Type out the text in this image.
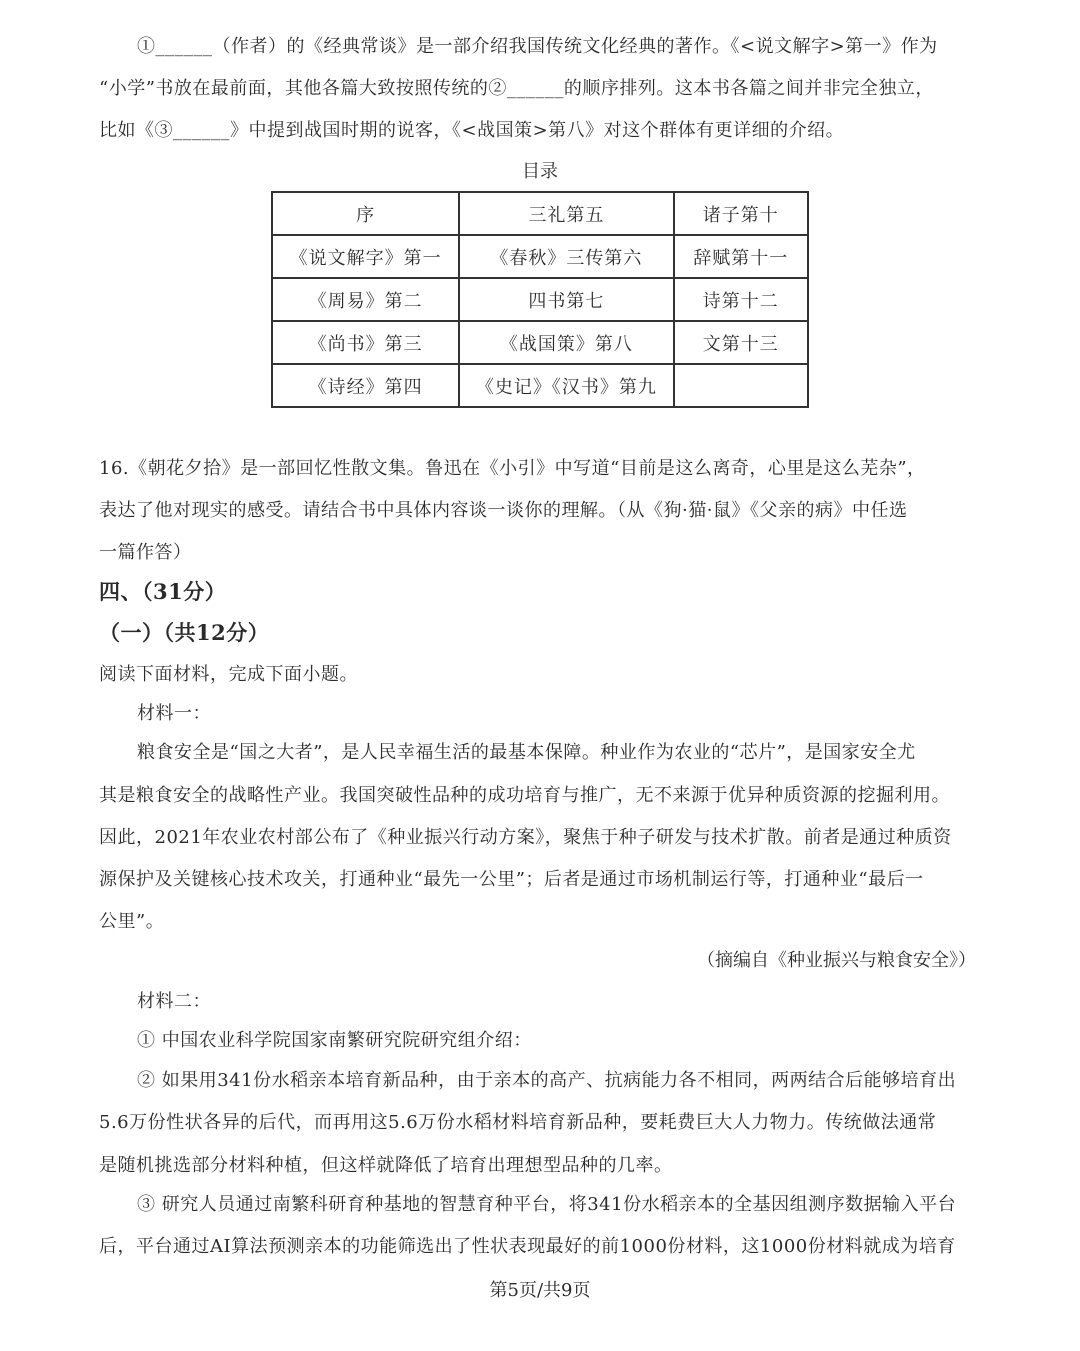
①______（作者）的《经典常谈》是一部介绍我国传统文化经典的著作。《<说文解字>第一》作为
“小学”书放在最前面，其他各篇大致按照传统的②______的顺序排列。这本书各篇之间并非完全独立，
比如《③______》中提到战国时期的说客，《<战国策>第八》对这个群体有更详细的介绍。
目录
序	三礼第五	诸子第十
《说文解字》第一	《春秋》三传第六	辞赋第十一
《周易》第二	四书第七	诗第十二
《尚书》第三	《战国策》第八	文第十三
《诗经》第四	《史记》《汉书》第九	
16.《朝花夕拾》是一部回忆性散文集。鲁迅在《小引》中写道“目前是这么离奇，心里是这么芜杂”，
表达了他对现实的感受。请结合书中具体内容谈一谈你的理解。（从《狗·猫·鼠》《父亲的病》中任选
一篇作答）
四、（31分）
（一）（共12分）
阅读下面材料，完成下面小题。
材料一：
粮食安全是“国之大者”，是人民幸福生活的最基本保障。种业作为农业的“芯片”，是国家安全尤
其是粮食安全的战略性产业。我国突破性品种的成功培育与推广，无不来源于优异种质资源的挖掘利用。
因此，2021年农业农村部公布了《种业振兴行动方案》，聚焦于种子研发与技术扩散。前者是通过种质资
源保护及关键核心技术攻关，打通种业“最先一公里”；后者是通过市场机制运行等，打通种业“最后一
公里”。
（摘编自《种业振兴与粮食安全》）
材料二：
① 中国农业科学院国家南繁研究院研究组介绍：
② 如果用341份水稻亲本培育新品种，由于亲本的高产、抗病能力各不相同，两两结合后能够培育出
5.6万份性状各异的后代，而再用这5.6万份水稻材料培育新品种，要耗费巨大人力物力。传统做法通常
是随机挑选部分材料种植，但这样就降低了培育出理想型品种的几率。
③ 研究人员通过南繁科研育种基地的智慧育种平台，将341份水稻亲本的全基因组测序数据输入平台
后，平台通过AI算法预测亲本的功能筛选出了性状表现最好的前1000份材料，这1000份材料就成为培育
第5页/共9页
